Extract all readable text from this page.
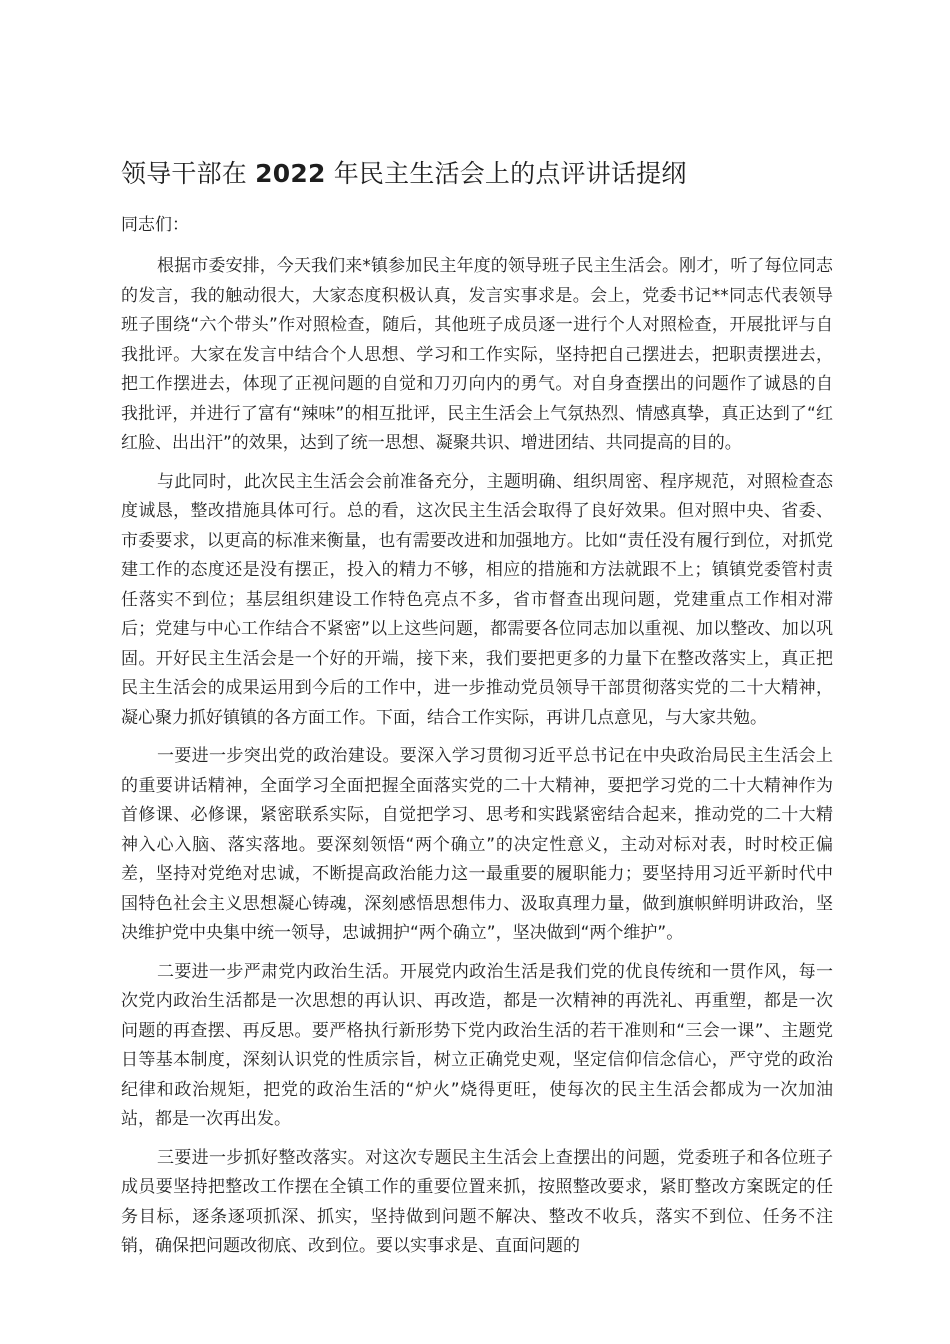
领导干部在 2022 年民主生活会上的点评讲话提纲

同志们：

根据市委安排，今天我们来*镇参加民主年度的领导班子民主生活会。刚才，听了每位同志的发言，我的触动很大，大家态度积极认真，发言实事求是。会上，党委书记**同志代表领导班子围绕“六个带头”作对照检查，随后，其他班子成员逐一进行个人对照检查，开展批评与自我批评。大家在发言中结合个人思想、学习和工作实际，坚持把自己摆进去，把职责摆进去，把工作摆进去，体现了正视问题的自觉和刀刃向内的勇气。对自身查摆出的问题作了诚恳的自我批评，并进行了富有“辣味”的相互批评，民主生活会上气氛热烈、情感真挚，真正达到了“红红脸、出出汗”的效果，达到了统一思想、凝聚共识、增进团结、共同提高的目的。

与此同时，此次民主生活会会前准备充分，主题明确、组织周密、程序规范，对照检查态度诚恳，整改措施具体可行。总的看，这次民主生活会取得了良好效果。但对照中央、省委、市委要求，以更高的标准来衡量，也有需要改进和加强地方。比如“责任没有履行到位，对抓党建工作的态度还是没有摆正，投入的精力不够，相应的措施和方法就跟不上；镇镇党委管村责任落实不到位；基层组织建设工作特色亮点不多，省市督查出现问题，党建重点工作相对滞后；党建与中心工作结合不紧密”以上这些问题，都需要各位同志加以重视、加以整改、加以巩固。开好民主生活会是一个好的开端，接下来，我们要把更多的力量下在整改落实上，真正把民主生活会的成果运用到今后的工作中，进一步推动党员领导干部贯彻落实党的二十大精神，凝心聚力抓好镇镇的各方面工作。下面，结合工作实际，再讲几点意见，与大家共勉。

一要进一步突出党的政治建设。要深入学习贯彻习近平总书记在中央政治局民主生活会上的重要讲话精神，全面学习全面把握全面落实党的二十大精神，要把学习党的二十大精神作为首修课、必修课，紧密联系实际，自觉把学习、思考和实践紧密结合起来，推动党的二十大精神入心入脑、落实落地。要深刻领悟“两个确立”的决定性意义，主动对标对表，时时校正偏差，坚持对党绝对忠诚，不断提高政治能力这一最重要的履职能力；要坚持用习近平新时代中国特色社会主义思想凝心铸魂，深刻感悟思想伟力、汲取真理力量，做到旗帜鲜明讲政治，坚决维护党中央集中统一领导，忠诚拥护“两个确立”，坚决做到“两个维护”。

二要进一步严肃党内政治生活。开展党内政治生活是我们党的优良传统和一贯作风，每一次党内政治生活都是一次思想的再认识、再改造，都是一次精神的再洗礼、再重塑，都是一次问题的再查摆、再反思。要严格执行新形势下党内政治生活的若干准则和“三会一课”、主题党日等基本制度，深刻认识党的性质宗旨，树立正确党史观，坚定信仰信念信心，严守党的政治纪律和政治规矩，把党的政治生活的“炉火”烧得更旺，使每次的民主生活会都成为一次加油站，都是一次再出发。

三要进一步抓好整改落实。对这次专题民主生活会上查摆出的问题，党委班子和各位班子成员要坚持把整改工作摆在全镇工作的重要位置来抓，按照整改要求，紧盯整改方案既定的任务目标，逐条逐项抓深、抓实，坚持做到问题不解决、整改不收兵，落实不到位、任务不注销，确保把问题改彻底、改到位。要以实事求是、直面问题的
